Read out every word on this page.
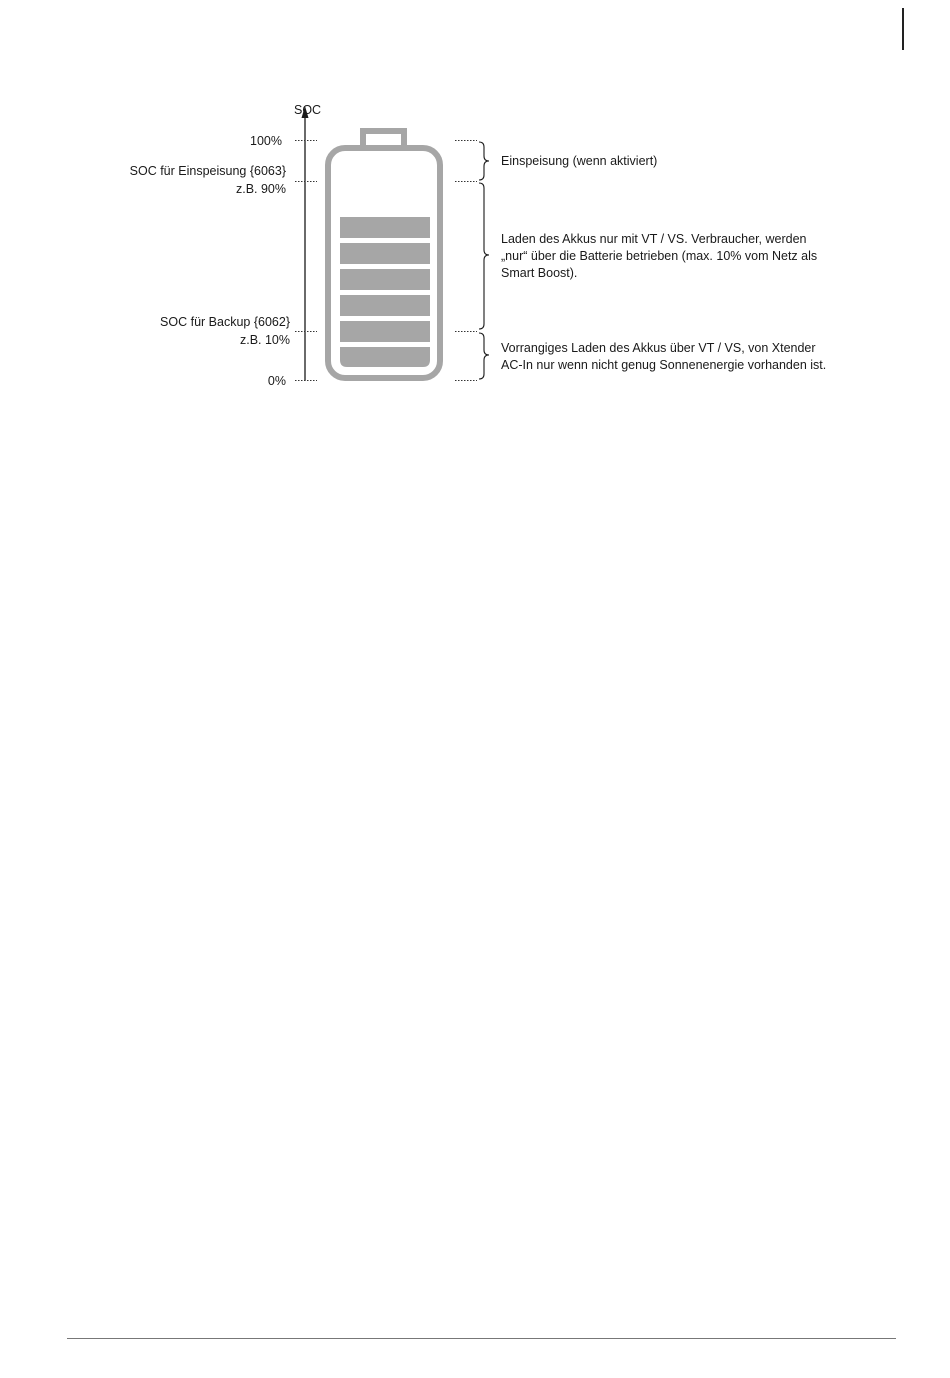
SOC
100%
SOC für Einspeisung {6063}
z.B. 90%
SOC für Backup {6062}
z.B. 10%
0%
Einspeisung (wenn aktiviert)
Laden des Akkus nur mit VT / VS. Verbraucher, werden
„nur“ über die Batterie betrieben (max. 10% vom Netz als
Smart Boost).
Vorrangiges Laden des Akkus über VT / VS, von Xtender
AC-In nur wenn nicht genug Sonnenenergie vorhanden ist.
